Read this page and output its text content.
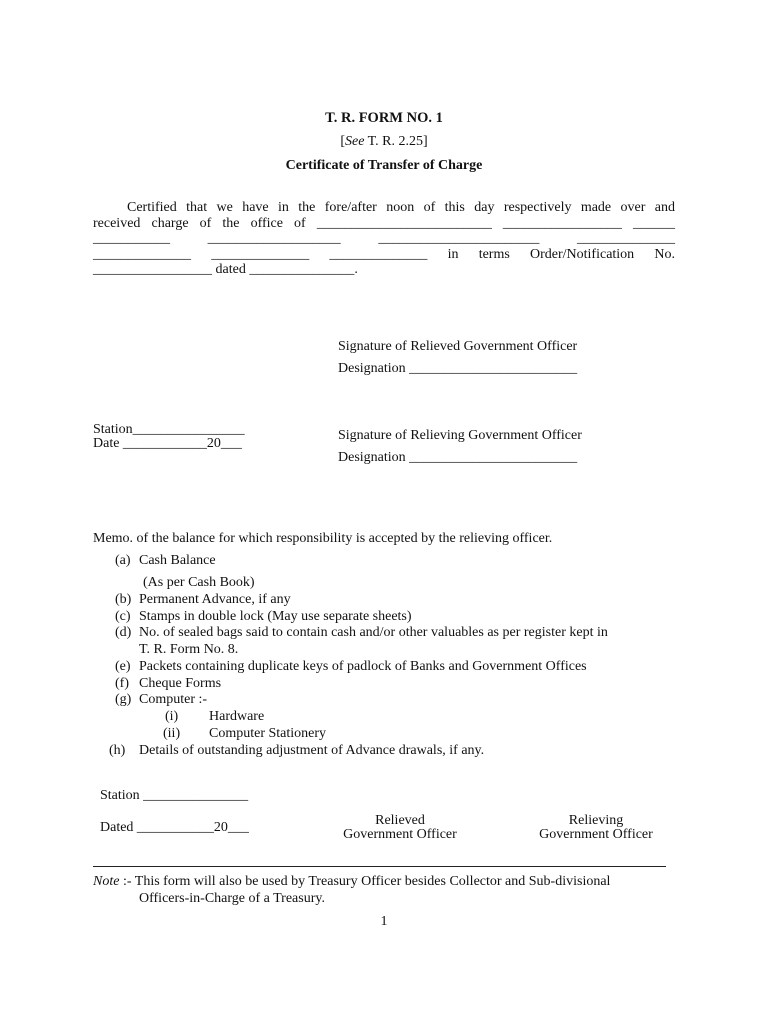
T. R. FORM NO. 1
[See T. R. 2.25]
Certificate of Transfer of Charge
Certified that we have in the fore/after noon of this day respectively made over and
received charge of the office of _________________________ _________________ ______
___________ ___________________ _______________________ ______________
______________ ______________ ______________ in terms Order/Notification No.
_________________ dated _______________.
Signature of Relieved Government Officer
Designation ________________________
Station________________
Date ____________20___
Signature of Relieving Government Officer
Designation ________________________
Memo. of the balance for which responsibility is accepted by the relieving officer.
(a) Cash Balance
(As per Cash Book)
(b) Permanent Advance, if any
(c) Stamps in double lock (May use separate sheets)
(d) No. of sealed bags said to contain cash and/or other valuables as per register kept in
T. R. Form No. 8.
(e) Packets containing duplicate keys of padlock of Banks and Government Offices
(f) Cheque Forms
(g) Computer :-
(i) Hardware
(ii) Computer Stationery
(h) Details of outstanding adjustment of Advance drawals, if any.
Station _______________
Dated ___________20___	Relieved
Government Officer
Relieving
Government Officer
Note :- This form will also be used by Treasury Officer besides Collector and Sub-divisional
Officers-in-Charge of a Treasury.
1
